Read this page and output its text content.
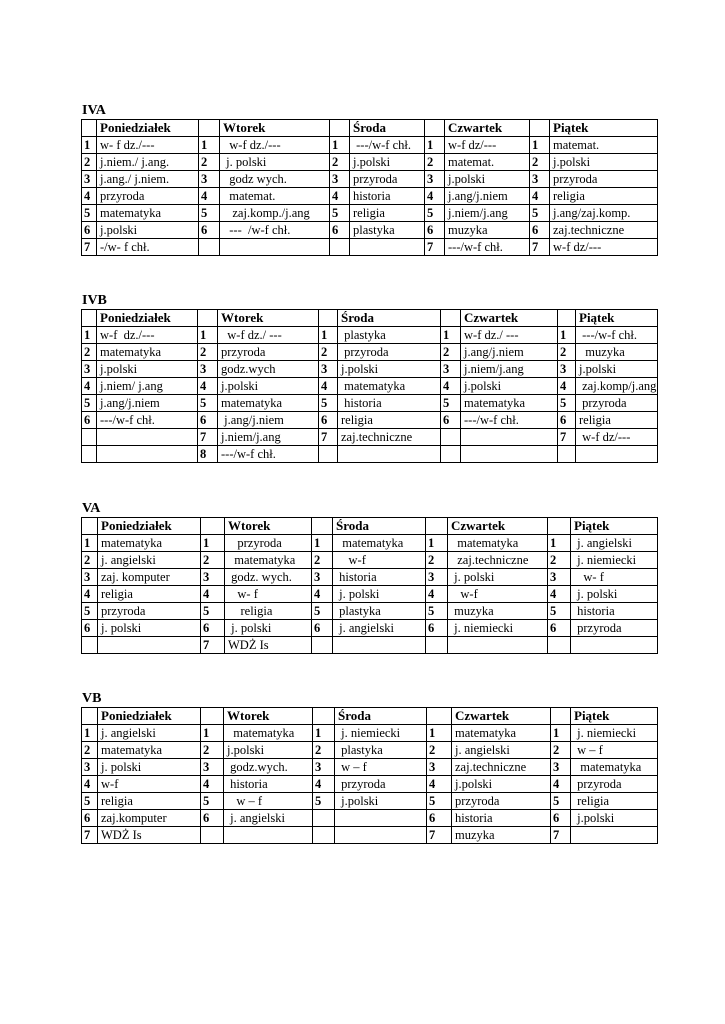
IVA
	Poniedziałek		Wtorek		Środa		Czwartek		Piątek
1	w- f dz./---	1	w-f dz./---	1	---/w-f chł.	1	w-f dz/---	1	matemat.
2	j.niem./ j.ang.	2	j. polski	2	j.polski	2	matemat.	2	j.polski
3	j.ang./ j.niem.	3	godz wych.	3	przyroda	3	j.polski	3	przyroda
4	przyroda	4	matemat.	4	historia	4	j.ang/j.niem	4	religia
5	matematyka	5	zaj.komp./j.ang	5	religia	5	j.niem/j.ang	5	j.ang/zaj.komp.
6	j.polski	6	---  /w-f chł.	6	plastyka	6	muzyka	6	zaj.techniczne
7	-/w- f chł.					7	---/w-f chł.	7	w-f dz/---
IVB
	Poniedziałek		Wtorek		Środa		Czwartek		Piątek
1	w-f  dz./---	1	w-f dz./ ---	1	plastyka	1	w-f dz./ ---	1	---/w-f chł.
2	matematyka	2	przyroda	2	przyroda	2	j.ang/j.niem	2	muzyka
3	j.polski	3	godz.wych	3	j.polski	3	j.niem/j.ang	3	j.polski
4	j.niem/ j.ang	4	j.polski	4	matematyka	4	j.polski	4	zaj.komp/j.ang
5	j.ang/j.niem	5	matematyka	5	historia	5	matematyka	5	przyroda
6	---/w-f chł.	6	j.ang/j.niem	6	religia	6	---/w-f chł.	6	religia
		7	j.niem/j.ang	7	zaj.techniczne			7	w-f dz/---
		8	---/w-f chł.						
VA
	Poniedziałek		Wtorek		Środa		Czwartek		Piątek
1	matematyka	1	przyroda	1	matematyka	1	matematyka	1	j. angielski
2	j. angielski	2	matematyka	2	w-f	2	zaj.techniczne	2	j. niemiecki
3	zaj. komputer	3	godz. wych.	3	historia	3	j. polski	3	w- f
4	religia	4	w- f	4	j. polski	4	w-f	4	j. polski
5	przyroda	5	religia	5	plastyka	5	muzyka	5	historia
6	j. polski	6	j. polski	6	j. angielski	6	j. niemiecki	6	przyroda
		7	WDŻ Is						
VB
	Poniedziałek		Wtorek		Środa		Czwartek		Piątek
1	j. angielski	1	matematyka	1	j. niemiecki	1	matematyka	1	j. niemiecki
2	matematyka	2	j.polski	2	plastyka	2	j. angielski	2	w – f
3	j. polski	3	godz.wych.	3	w – f	3	zaj.techniczne	3	matematyka
4	w-f	4	historia	4	przyroda	4	j.polski	4	przyroda
5	religia	5	w – f	5	j.polski	5	przyroda	5	religia
6	zaj.komputer	6	j. angielski			6	historia	6	j.polski
7	WDŻ Is					7	muzyka	7	
